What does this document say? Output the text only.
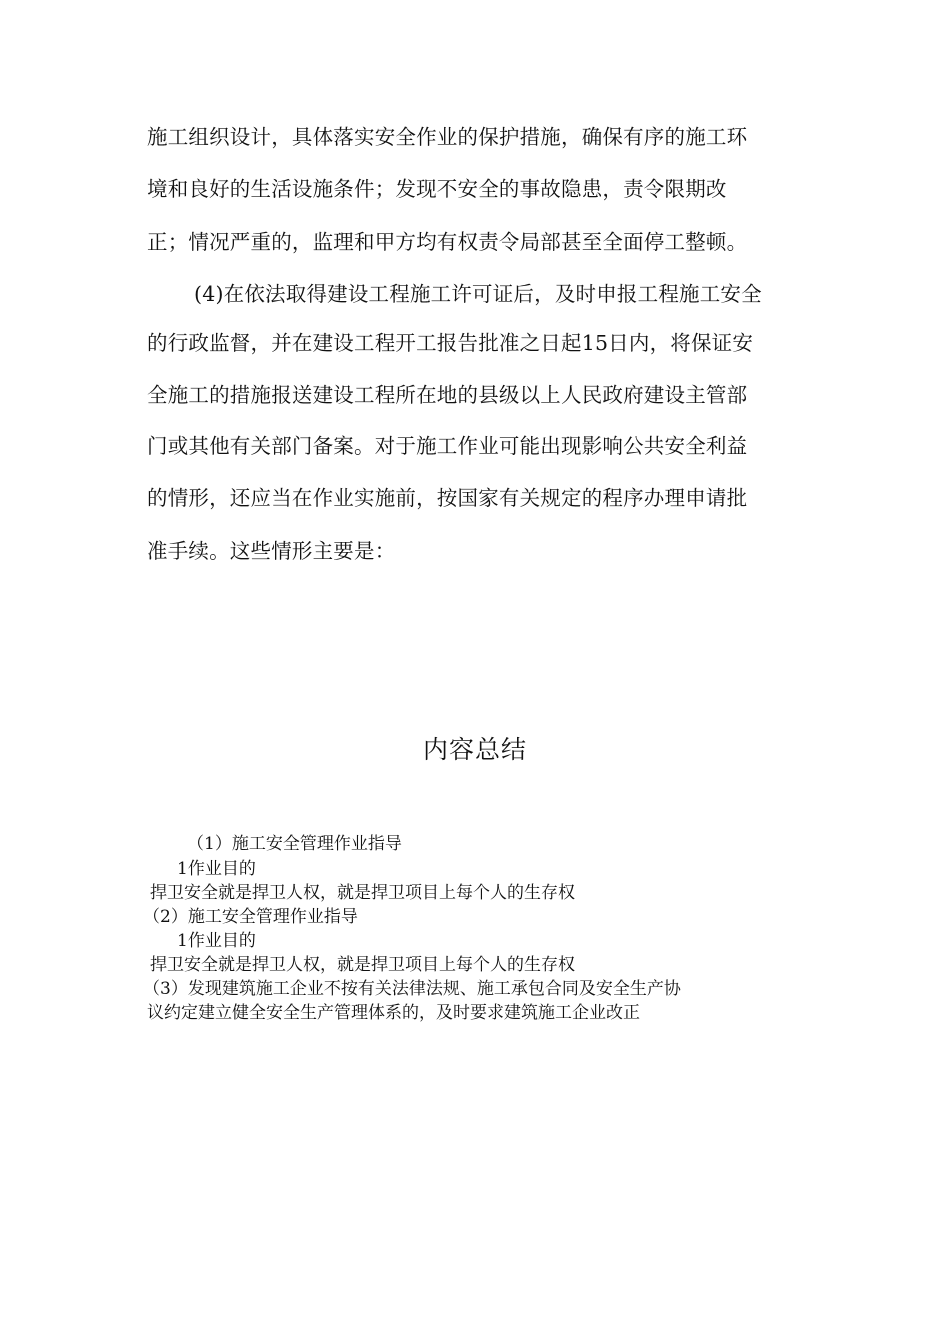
施工组织设计，具体落实安全作业的保护措施，确保有序的施工环
境和良好的生活设施条件；发现不安全的事故隐患，责令限期改
正；情况严重的，监理和甲方均有权责令局部甚至全面停工整顿。
(4)在依法取得建设工程施工许可证后，及时申报工程施工安全
的行政监督，并在建设工程开工报告批准之日起15日内，将保证安
全施工的措施报送建设工程所在地的县级以上人民政府建设主管部
门或其他有关部门备案。对于施工作业可能出现影响公共安全利益
的情形，还应当在作业实施前，按国家有关规定的程序办理申请批
准手续。这些情形主要是：
内容总结
（1）施工安全管理作业指导
1作业目的
捍卫安全就是捍卫人权，就是捍卫项目上每个人的生存权
（2）施工安全管理作业指导
1作业目的
捍卫安全就是捍卫人权，就是捍卫项目上每个人的生存权
（3）发现建筑施工企业不按有关法律法规、施工承包合同及安全生产协
议约定建立健全安全生产管理体系的，及时要求建筑施工企业改正
